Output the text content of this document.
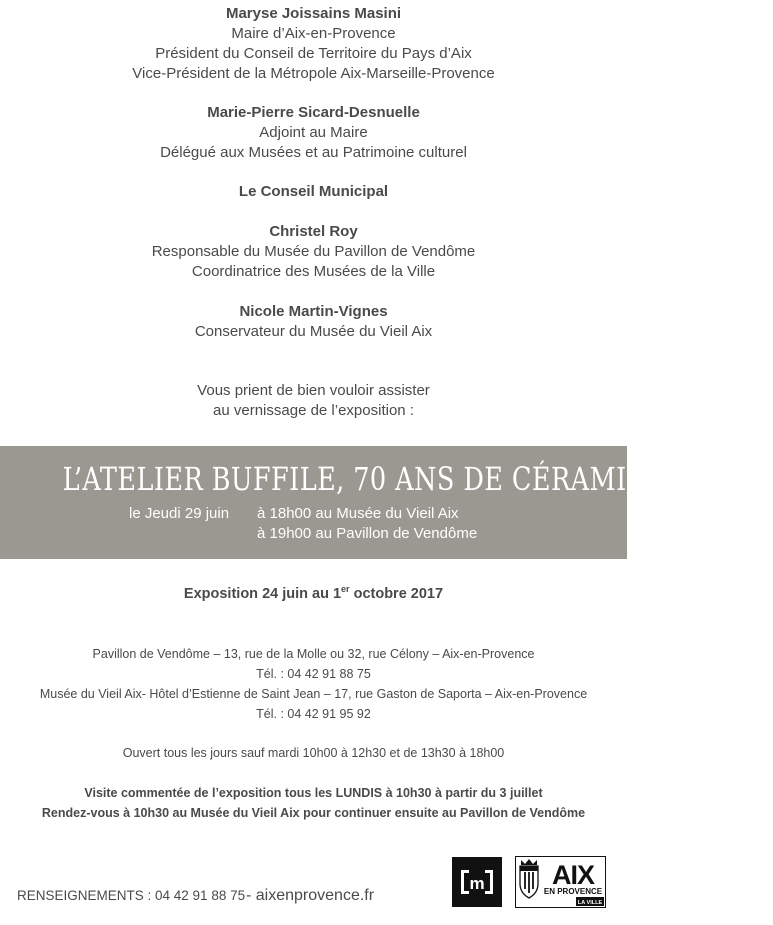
Maryse Joissains Masini
Maire d’Aix-en-Provence
Président du Conseil de Territoire du Pays d’Aix
Vice-Président de la Métropole Aix-Marseille-Provence
Marie-Pierre Sicard-Desnuelle
Adjoint au Maire
Délégué aux Musées et au Patrimoine culturel
Le Conseil Municipal
Christel Roy
Responsable du Musée du Pavillon de Vendôme
Coordinatrice des Musées de la Ville
Nicole Martin-Vignes
Conservateur du Musée du Vieil Aix
Vous prient de bien vouloir assister
au vernissage de l’exposition :
L’ATELIER BUFFILE, 70 ANS DE CÉRAMIQUE À AIX
le Jeudi 29 juin à 18h00 au Musée du Vieil Aix
à 19h00 au Pavillon de Vendôme
Exposition 24 juin au 1er octobre 2017
Pavillon de Vendôme – 13, rue de la Molle ou 32, rue Célony – Aix-en-Provence
Tél. : 04 42 91 88 75
Musée du Vieil Aix- Hôtel d’Estienne de Saint Jean – 17, rue Gaston de Saporta – Aix-en-Provence
Tél. : 04 42 91 95 92
Ouvert tous les jours sauf mardi 10h00 à 12h30 et de 13h30 à 18h00
Visite commentée de l’exposition tous les LUNDIS à 10h30 à partir du 3 juillet
Rendez-vous à 10h30 au Musée du Vieil Aix pour continuer ensuite au Pavillon de Vendôme
RENSEIGNEMENTS : 04 42 91 88 75 - aixenprovence.fr
m AIX
EN PROVENCE
LA VILLE
